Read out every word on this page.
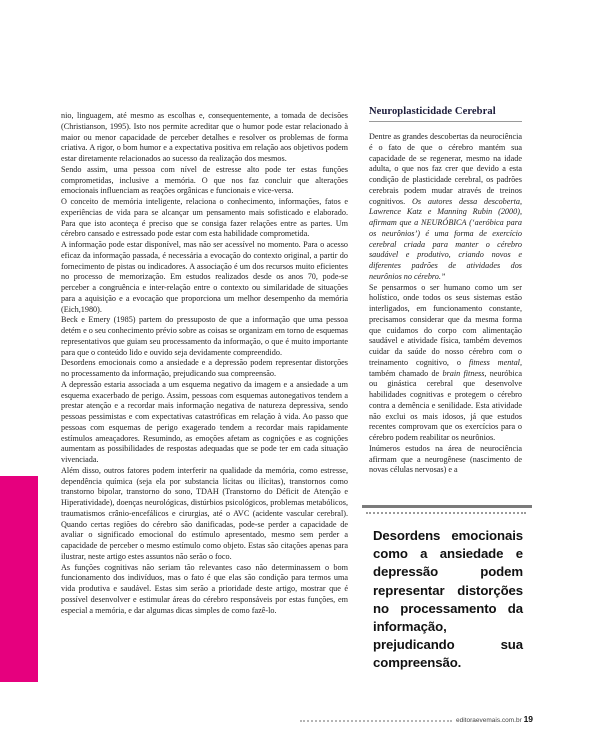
nio, linguagem, até mesmo as escolhas e, consequentemente, a tomada de decisões (Christianson, 1995). Isto nos permite acreditar que o humor pode estar relacionado à maior ou menor capacidade de perceber detalhes e resolver os problemas de forma criativa. A rigor, o bom humor e a expectativa positiva em relação aos objetivos podem estar diretamente relacionados ao sucesso da realização dos mesmos.

Sendo assim, uma pessoa com nível de estresse alto pode ter estas funções comprometidas, inclusive a memória. O que nos faz concluir que alterações emocionais influenciam as reações orgânicas e funcionais e vice-versa.

O conceito de memória inteligente, relaciona o conhecimento, informações, fatos e experiências de vida para se alcançar um pensamento mais sofisticado e elaborado. Para que isto aconteça é preciso que se consiga fazer relações entre as partes. Um cérebro cansado e estressado pode estar com esta habilidade comprometida.

A informação pode estar disponível, mas não ser acessível no momento. Para o acesso eficaz da informação passada, é necessária a evocação do contexto original, a partir do fornecimento de pistas ou indicadores. A associação é um dos recursos muito eficientes no processo de memorização. Em estudos realizados desde os anos 70, pode-se perceber a congruência e inter-relação entre o contexto ou similaridade de situações para a aquisição e a evocação que proporciona um melhor desempenho da memória (Eich,1980).

Beck e Emery (1985) partem do pressuposto de que a informação que uma pessoa detém e o seu conhecimento prévio sobre as coisas se organizam em torno de esquemas representativos que guiam seu processamento da informação, o que é muito importante para que o conteúdo lido e ouvido seja devidamente compreendido.

Desordens emocionais como a ansiedade e a depressão podem representar distorções no processamento da informação, prejudicando sua compreensão.

A depressão estaria associada a um esquema negativo da imagem e a ansiedade a um esquema exacerbado de perigo. Assim, pessoas com esquemas autonegativos tendem a prestar atenção e a recordar mais informação negativa de natureza depressiva, sendo pessoas pessimistas e com expectativas catastróficas em relação à vida. Ao passo que pessoas com esquemas de perigo exagerado tendem a recordar mais rapidamente estímulos ameaçadores. Resumindo, as emoções afetam as cognições e as cognições aumentam as possibilidades de respostas adequadas que se pode ter em cada situação vivenciada.

Além disso, outros fatores podem interferir na qualidade da memória, como estresse, dependência química (seja ela por substancia lícitas ou ilícitas), transtornos como transtorno bipolar, transtorno do sono, TDAH (Transtorno do Déficit de Atenção e Hiperatividade), doenças neurológicas, distúrbios psicológicos, problemas metabólicos, traumatismos crânio-encefálicos e cirurgias, até o AVC (acidente vascular cerebral). Quando certas regiões do cérebro são danificadas, pode-se perder a capacidade de avaliar o significado emocional do estímulo apresentado, mesmo sem perder a capacidade de perceber o mesmo estímulo como objeto. Estas são citações apenas para ilustrar, neste artigo estes assuntos não serão o foco.

As funções cognitivas não seriam tão relevantes caso não determinassem o bom funcionamento dos indivíduos, mas o fato é que elas são condição para termos uma vida produtiva e saudável. Estas sim serão a prioridade deste artigo, mostrar que é possível desenvolver e estimular áreas do cérebro responsáveis por estas funções, em especial a memória, e dar algumas dicas simples de como fazê-lo.

Neuroplasticidade Cerebral

Dentre as grandes descobertas da neurociência é o fato de que o cérebro mantém sua capacidade de se regenerar, mesmo na idade adulta, o que nos faz crer que devido a esta condição de plasticidade cerebral, os padrões cerebrais podem mudar através de treinos cognitivos. Os autores dessa descoberta, Lawrence Katz e Manning Rubin (2000), afirmam que a NEURÓBICA (‘aeróbica para os neurônios’) é uma forma de exercício cerebral criada para manter o cérebro saudável e produtivo, criando novos e diferentes padrões de atividades dos neurônios no cérebro.”

Se pensarmos o ser humano como um ser holístico, onde todos os seus sistemas estão interligados, em funcionamento constante, precisamos considerar que da mesma forma que cuidamos do corpo com alimentação saudável e atividade física, também devemos cuidar da saúde do nosso cérebro com o treinamento cognitivo, o fitness mental, também chamado de brain fitness, neuróbica ou ginástica cerebral que desenvolve habilidades cognitivas e protegem o cérebro contra a demência e senilidade. Esta atividade não exclui os mais idosos, já que estudos recentes comprovam que os exercícios para o cérebro podem reabilitar os neurônios.

Inúmeros estudos na área de neurociência afirmam que a neurogênese (nascimento de novas células nervosas) e a

Desordens emocionais como a ansiedade e depressão podem representar distorções no processamento da informação, prejudicando sua compreensão.
editoraevemais.com.br 19
